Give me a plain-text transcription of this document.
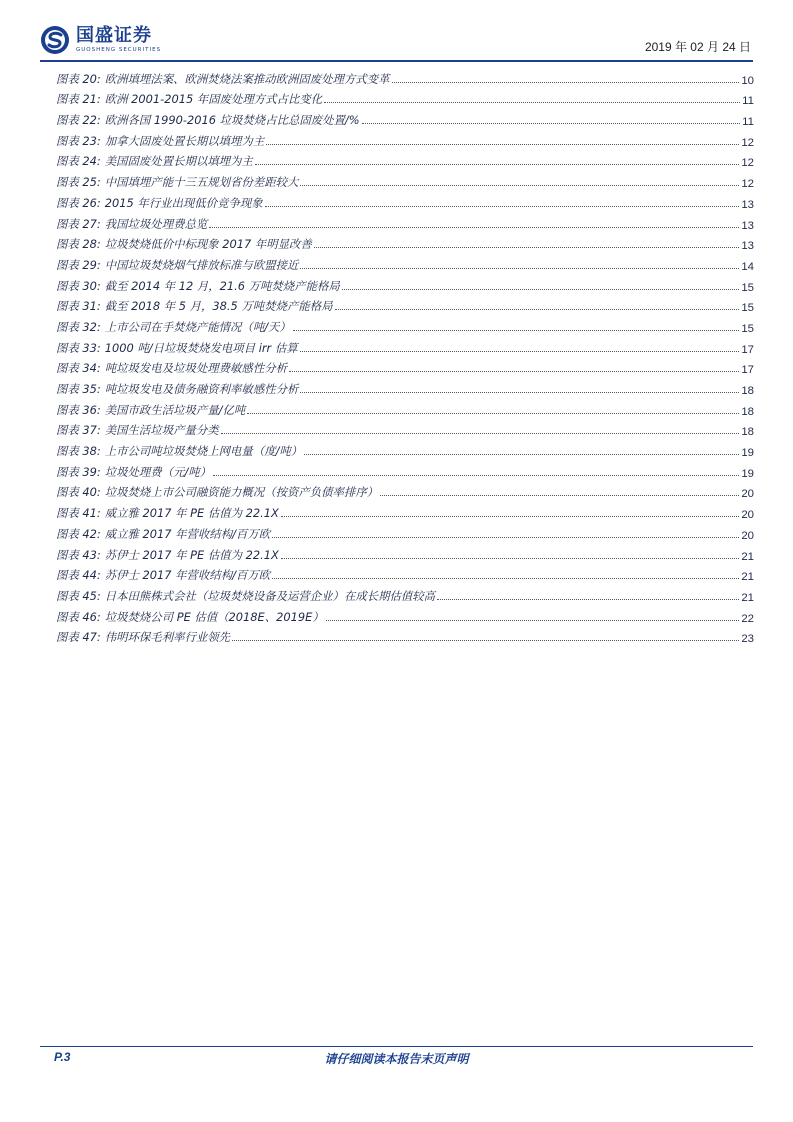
国盛证券
GUOSHENG SECURITIES	2019 年 02 月 24 日
图表 20: 欧洲填埋法案、欧洲焚烧法案推动欧洲固废处理方式变革	10
图表 21: 欧洲 2001-2015 年固废处理方式占比变化	11
图表 22: 欧洲各国 1990-2016 垃圾焚烧占比总固废处置/%	11
图表 23: 加拿大固废处置长期以填埋为主	12
图表 24: 美国固废处置长期以填埋为主	12
图表 25: 中国填埋产能十三五规划省份差距较大	12
图表 26: 2015 年行业出现低价竞争现象	13
图表 27: 我国垃圾处理费总览	13
图表 28: 垃圾焚烧低价中标现象 2017 年明显改善	13
图表 29: 中国垃圾焚烧烟气排放标准与欧盟接近	14
图表 30: 截至 2014 年 12 月，21.6 万吨焚烧产能格局	15
图表 31: 截至 2018 年 5 月，38.5 万吨焚烧产能格局	15
图表 32: 上市公司在手焚烧产能情况（吨/天）	15
图表 33: 1000 吨/日垃圾焚烧发电项目 irr 估算	17
图表 34: 吨垃圾发电及垃圾处理费敏感性分析	17
图表 35: 吨垃圾发电及债务融资利率敏感性分析	18
图表 36: 美国市政生活垃圾产量/亿吨	18
图表 37: 美国生活垃圾产量分类	18
图表 38: 上市公司吨垃圾焚烧上网电量（度/吨）	19
图表 39: 垃圾处理费（元/吨）	19
图表 40: 垃圾焚烧上市公司融资能力概况（按资产负债率排序）	20
图表 41: 威立雅 2017 年 PE 估值为 22.1X	20
图表 42: 威立雅 2017 年营收结构/百万欧	20
图表 43: 苏伊士 2017 年 PE 估值为 22.1X	21
图表 44: 苏伊士 2017 年营收结构/百万欧	21
图表 45: 日本田熊株式会社（垃圾焚烧设备及运营企业）在成长期估值较高	21
图表 46: 垃圾焚烧公司 PE 估值（2018E、2019E）	22
图表 47: 伟明环保毛利率行业领先	23
P.3	请仔细阅读本报告末页声明
